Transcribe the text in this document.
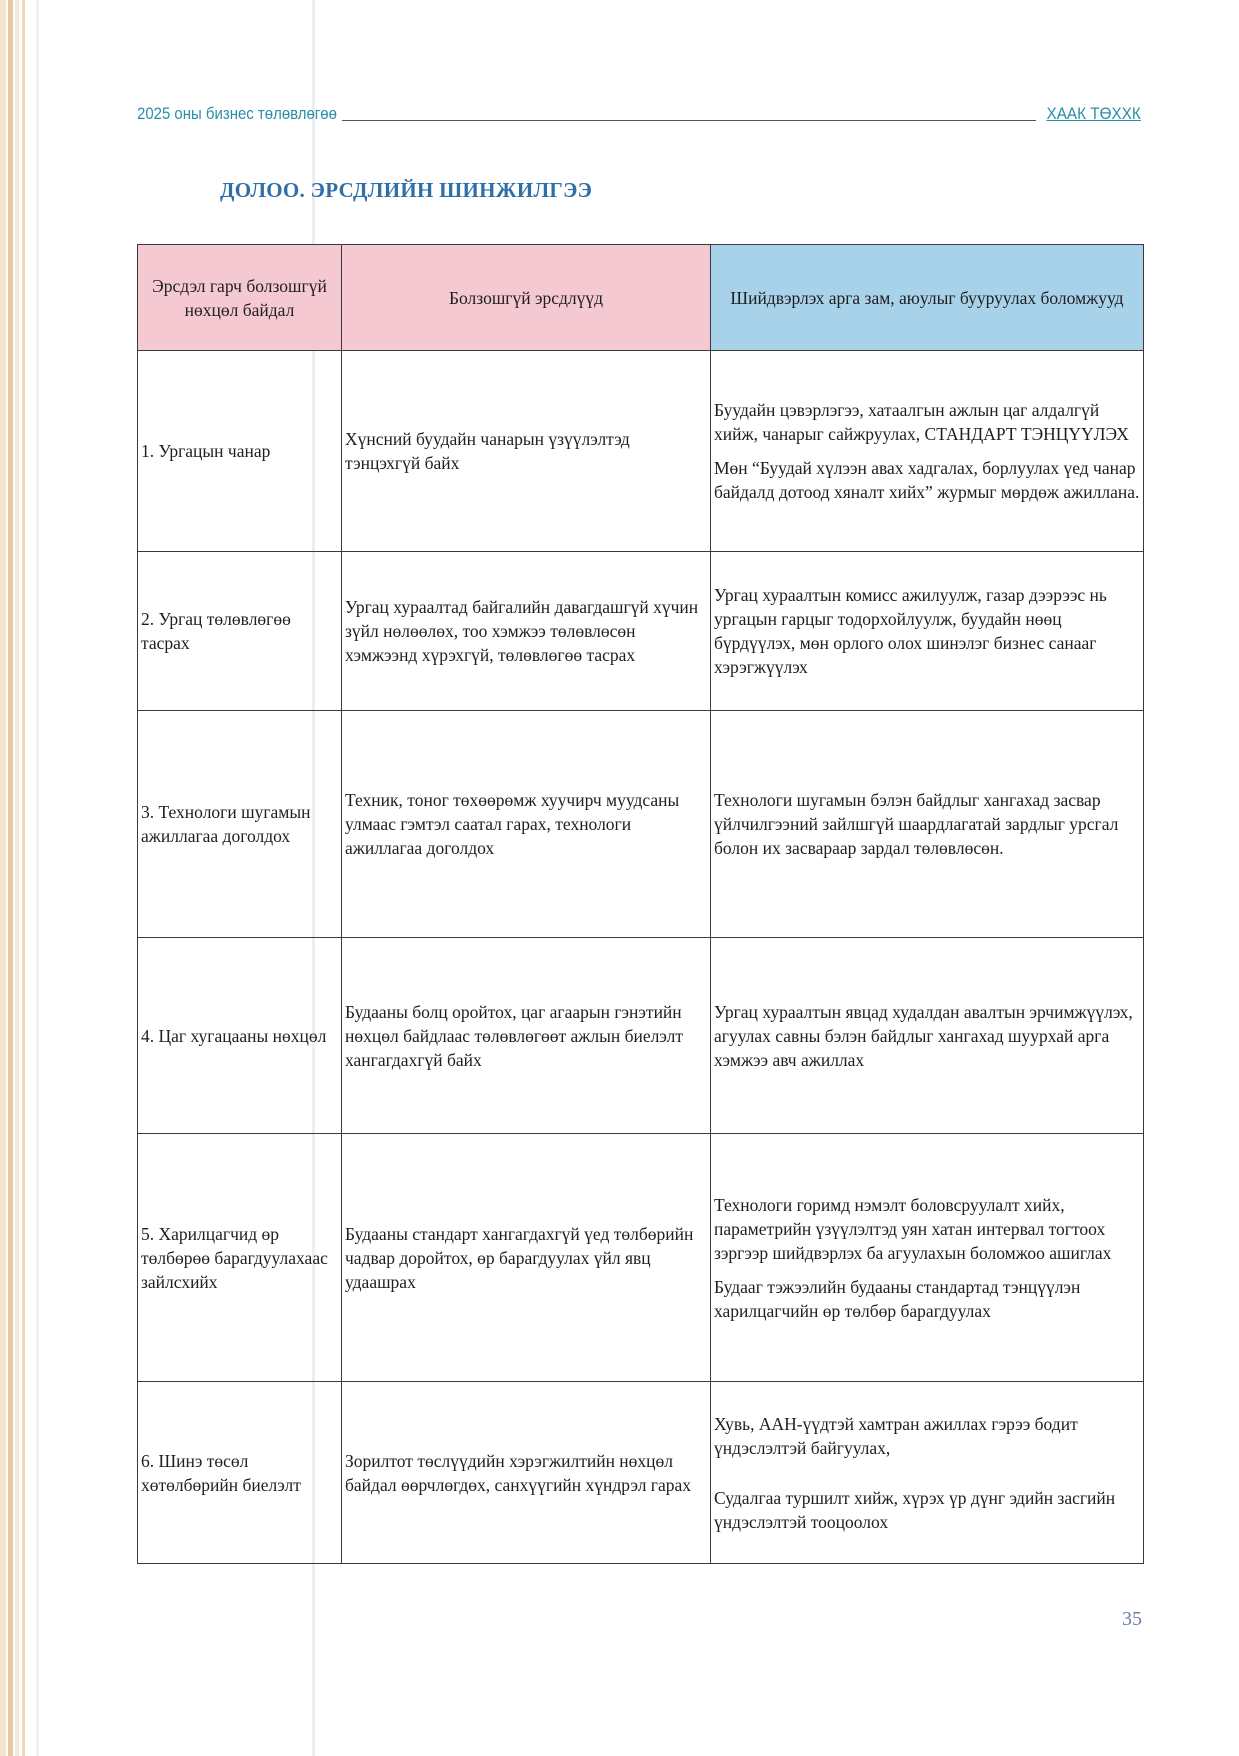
2025 оны бизнес төлөвлөгөө	ХААК ТӨХХК
ДОЛОО. ЭРСДЛИЙН ШИНЖИЛГЭЭ
Эрсдэл гарч болзошгүй нөхцөл байдал	Болзошгүй эрсдлүүд	Шийдвэрлэх арга зам, аюулыг бууруулах боломжууд
1. Ургацын чанар	Хүнсний буудайн чанарын үзүүлэлтэд тэнцэхгүй байх	Буудайн цэвэрлэгээ, хатаалгын ажлын цаг алдалгүй хийж, чанарыг сайжруулах, СТАНДАРТ ТЭНЦҮҮЛЭХ

Мөн “Буудай хүлээн авах хадгалах, борлуулах үед чанар байдалд дотоод хяналт хийх” журмыг мөрдөж ажиллана.

2. Ургац төлөвлөгөө тасрах	Ургац хураалтад байгалийн давагдашгүй хүчин зүйл нөлөөлөх, тоо хэмжээ төлөвлөсөн хэмжээнд хүрэхгүй, төлөвлөгөө тасрах	Ургац хураалтын комисс ажилуулж, газар дээрээс нь ургацын гарцыг тодорхойлуулж, буудайн нөөц бүрдүүлэх, мөн орлого олох шинэлэг бизнес санааг хэрэгжүүлэх

3. Технологи шугамын ажиллагаа доголдох	Техник, тоног төхөөрөмж хуучирч муудсаны улмаас гэмтэл саатал гарах, технологи ажиллагаа доголдох	Технологи шугамын бэлэн байдлыг хангахад засвар үйлчилгээний зайлшгүй шаардлагатай зардлыг урсгал болон их засвараар зардал төлөвлөсөн.

4. Цаг хугацааны нөхцөл	Будааны болц оройтох, цаг агаарын гэнэтийн нөхцөл байдлаас төлөвлөгөөт ажлын биелэлт хангагдахгүй байх	Ургац хураалтын явцад худалдан авалтын эрчимжүүлэх, агуулах савны бэлэн байдлыг хангахад шуурхай арга хэмжээ авч ажиллах

5. Харилцагчид өр төлбөрөө барагдуулахаас зайлсхийх	Будааны стандарт хангагдахгүй үед төлбөрийн чадвар доройтох, өр барагдуулах үйл явц удаашрах	Технологи горимд нэмэлт боловсруулалт хийх, параметрийн үзүүлэлтэд уян хатан интервал тогтоох зэргээр шийдвэрлэх ба агуулахын боломжоо ашиглах

Будааг тэжээлийн будааны стандартад тэнцүүлэн харилцагчийн өр төлбөр барагдуулах

6. Шинэ төсөл хөтөлбөрийн биелэлт	Зорилтот төслүүдийн хэрэгжилтийн нөхцөл байдал өөрчлөгдөх, санхүүгийн хүндрэл гарах	Хувь, ААН-үүдтэй хамтран ажиллах гэрээ бодит үндэслэлтэй байгуулах,

Судалгаа туршилт хийж, хүрэх үр дүнг эдийн засгийн үндэслэлтэй тооцоолох

35
